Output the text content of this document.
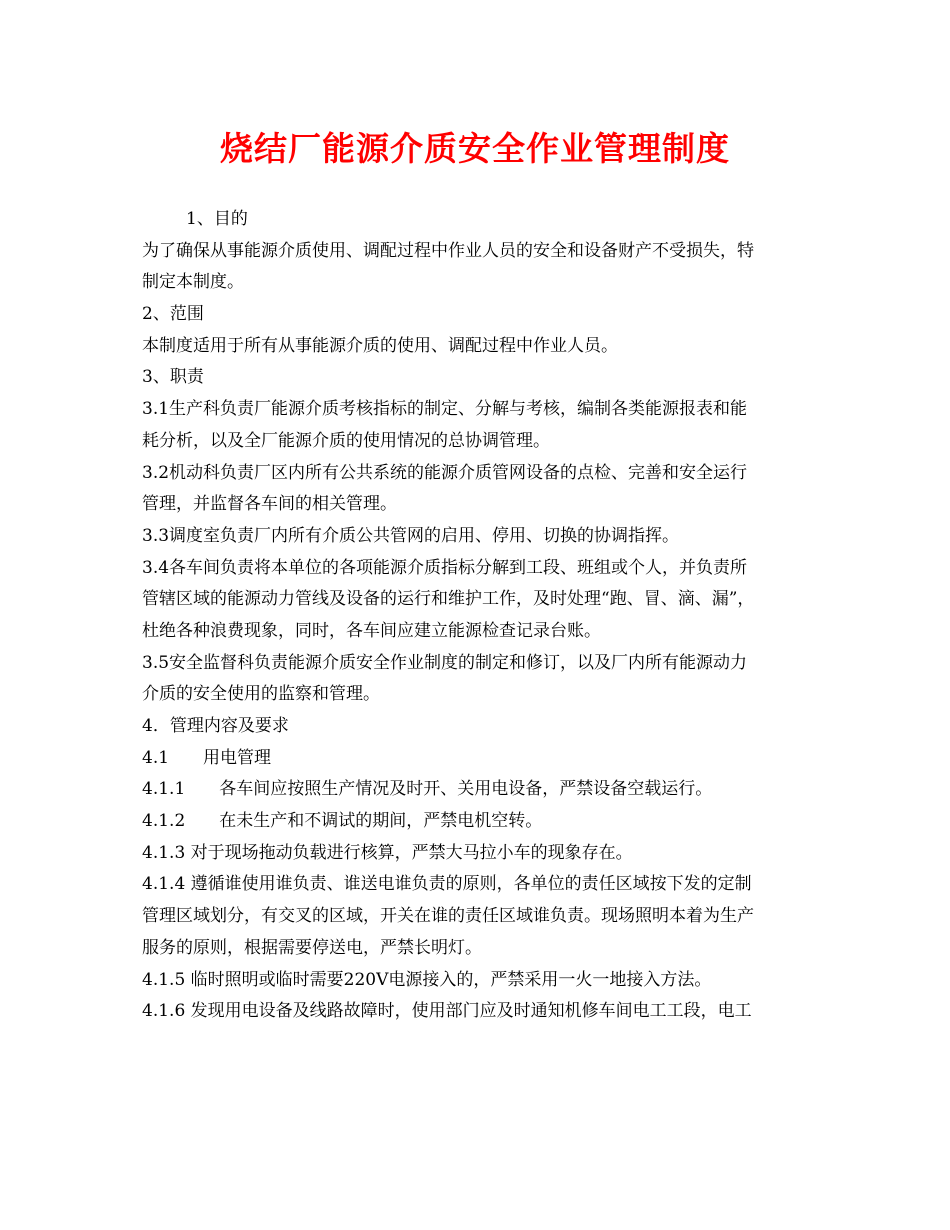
烧结厂能源介质安全作业管理制度

1、目的

为了确保从事能源介质使用、调配过程中作业人员的安全和设备财产不受损失，特

制定本制度。

2、范围

本制度适用于所有从事能源介质的使用、调配过程中作业人员。

3、职责

3.1生产科负责厂能源介质考核指标的制定、分解与考核，编制各类能源报表和能

耗分析，以及全厂能源介质的使用情况的总协调管理。

3.2机动科负责厂区内所有公共系统的能源介质管网设备的点检、完善和安全运行

管理，并监督各车间的相关管理。

3.3调度室负责厂内所有介质公共管网的启用、停用、切换的协调指挥。

3.4各车间负责将本单位的各项能源介质指标分解到工段、班组或个人，并负责所

管辖区域的能源动力管线及设备的运行和维护工作，及时处理“跑、冒、滴、漏”，

杜绝各种浪费现象，同时，各车间应建立能源检查记录台账。

3.5安全监督科负责能源介质安全作业制度的制定和修订，以及厂内所有能源动力

介质的安全使用的监察和管理。

4．管理内容及要求

4.1　　用电管理

4.1.1　　各车间应按照生产情况及时开、关用电设备，严禁设备空载运行。

4.1.2　　在未生产和不调试的期间，严禁电机空转。

4.1.3 对于现场拖动负载进行核算，严禁大马拉小车的现象存在。

4.1.4 遵循谁使用谁负责、谁送电谁负责的原则，各单位的责任区域按下发的定制

管理区域划分，有交叉的区域，开关在谁的责任区域谁负责。现场照明本着为生产

服务的原则，根据需要停送电，严禁长明灯。

4.1.5 临时照明或临时需要220V电源接入的，严禁采用一火一地接入方法。

4.1.6 发现用电设备及线路故障时，使用部门应及时通知机修车间电工工段，电工
